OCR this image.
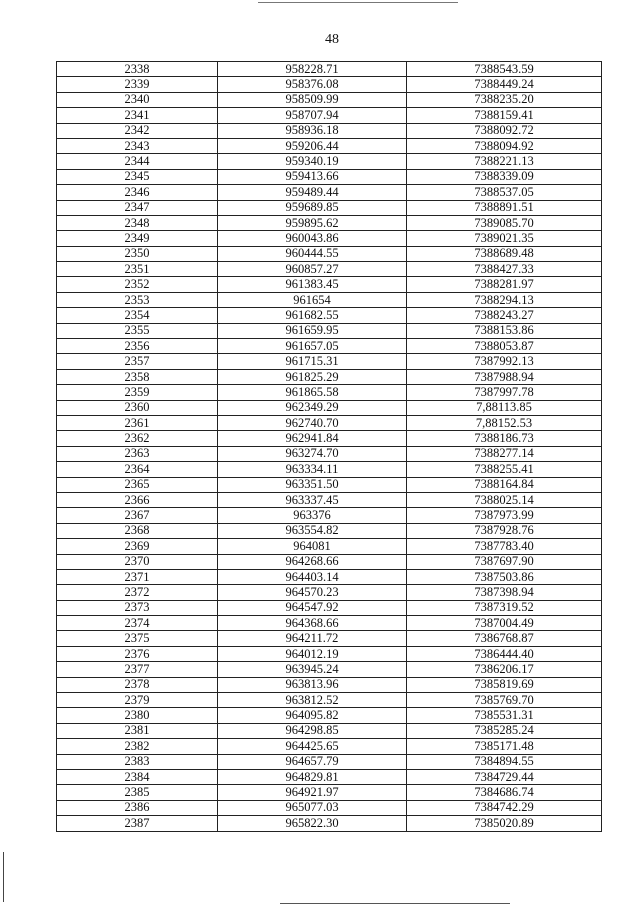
48
2338	958228.71	7388543.59
2339	958376.08	7388449.24
2340	958509.99	7388235.20
2341	958707.94	7388159.41
2342	958936.18	7388092.72
2343	959206.44	7388094.92
2344	959340.19	7388221.13
2345	959413.66	7388339.09
2346	959489.44	7388537.05
2347	959689.85	7388891.51
2348	959895.62	7389085.70
2349	960043.86	7389021.35
2350	960444.55	7388689.48
2351	960857.27	7388427.33
2352	961383.45	7388281.97
2353	961654	7388294.13
2354	961682.55	7388243.27
2355	961659.95	7388153.86
2356	961657.05	7388053.87
2357	961715.31	7387992.13
2358	961825.29	7387988.94
2359	961865.58	7387997.78
2360	962349.29	7,88113.85
2361	962740.70	7,88152.53
2362	962941.84	7388186.73
2363	963274.70	7388277.14
2364	963334.11	7388255.41
2365	963351.50	7388164.84
2366	963337.45	7388025.14
2367	963376	7387973.99
2368	963554.82	7387928.76
2369	964081	7387783.40
2370	964268.66	7387697.90
2371	964403.14	7387503.86
2372	964570.23	7387398.94
2373	964547.92	7387319.52
2374	964368.66	7387004.49
2375	964211.72	7386768.87
2376	964012.19	7386444.40
2377	963945.24	7386206.17
2378	963813.96	7385819.69
2379	963812.52	7385769.70
2380	964095.82	7385531.31
2381	964298.85	7385285.24
2382	964425.65	7385171.48
2383	964657.79	7384894.55
2384	964829.81	7384729.44
2385	964921.97	7384686.74
2386	965077.03	7384742.29
2387	965822.30	7385020.89
